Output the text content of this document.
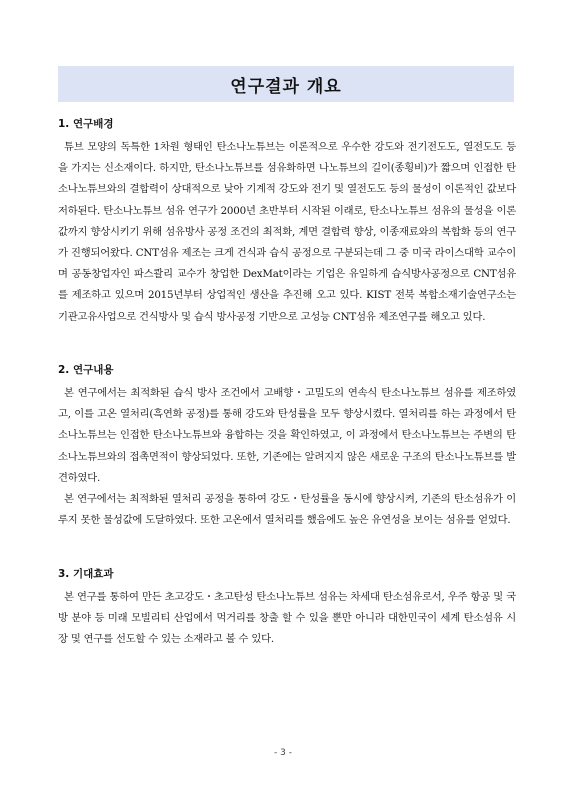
연구결과 개요

1. 연구배경

튜브 모양의 독특한 1차원 형태인 탄소나노튜브는 이론적으로 우수한 강도와 전기전도도, 열전도도 등을 가지는 신소재이다. 하지만, 탄소나노튜브를 섬유화하면 나노튜브의 길이(종횡비)가 짧으며 인접한 탄소나노튜브와의 결합력이 상대적으로 낮아 기계적 강도와 전기 및 열전도도 등의 물성이 이론적인 값보다 저하된다. 탄소나노튜브 섬유 연구가 2000년 초반부터 시작된 이래로, 탄소나노튜브 섬유의 물성을 이론값까지 향상시키기 위해 섬유방사 공정 조건의 최적화, 계면 결합력 향상, 이종재료와의 복합화 등의 연구가 진행되어왔다. CNT섬유 제조는 크게 건식과 습식 공정으로 구분되는데 그 중 미국 라이스대학 교수이며 공동창업자인 파스콸리 교수가 창업한 DexMat이라는 기업은 유일하게 습식방사공정으로 CNT섬유를 제조하고 있으며 2015년부터 상업적인 생산을 추진해 오고 있다. KIST 전북 복합소재기술연구소는 기관고유사업으로 건식방사 및 습식 방사공정 기반으로 고성능 CNT섬유 제조연구를 해오고 있다.

2. 연구내용

본 연구에서는 최적화된 습식 방사 조건에서 고배향・고밀도의 연속식 탄소나노튜브 섬유를 제조하였고, 이를 고온 열처리(흑연화 공정)를 통해 강도와 탄성률을 모두 향상시켰다. 열처리를 하는 과정에서 탄소나노튜브는 인접한 탄소나노튜브와 융합하는 것을 확인하였고, 이 과정에서 탄소나노튜브는 주변의 탄소나노튜브와의 접촉면적이 향상되었다. 또한, 기존에는 알려지지 않은 새로운 구조의 탄소나노튜브를 발견하였다.

본 연구에서는 최적화된 열처리 공정을 통하여 강도・탄성률을 동시에 향상시켜, 기존의 탄소섬유가 이루지 못한 물성값에 도달하였다. 또한 고온에서 열처리를 했음에도 높은 유연성을 보이는 섬유를 얻었다.

3. 기대효과

본 연구를 통하여 만든 초고강도・초고탄성 탄소나노튜브 섬유는 차세대 탄소섬유로서, 우주 항공 및 국방 분야 등 미래 모빌리티 산업에서 먹거리를 창출 할 수 있을 뿐만 아니라 대한민국이 세계 탄소섬유 시장 및 연구를 선도할 수 있는 소재라고 볼 수 있다.

- 3 -
